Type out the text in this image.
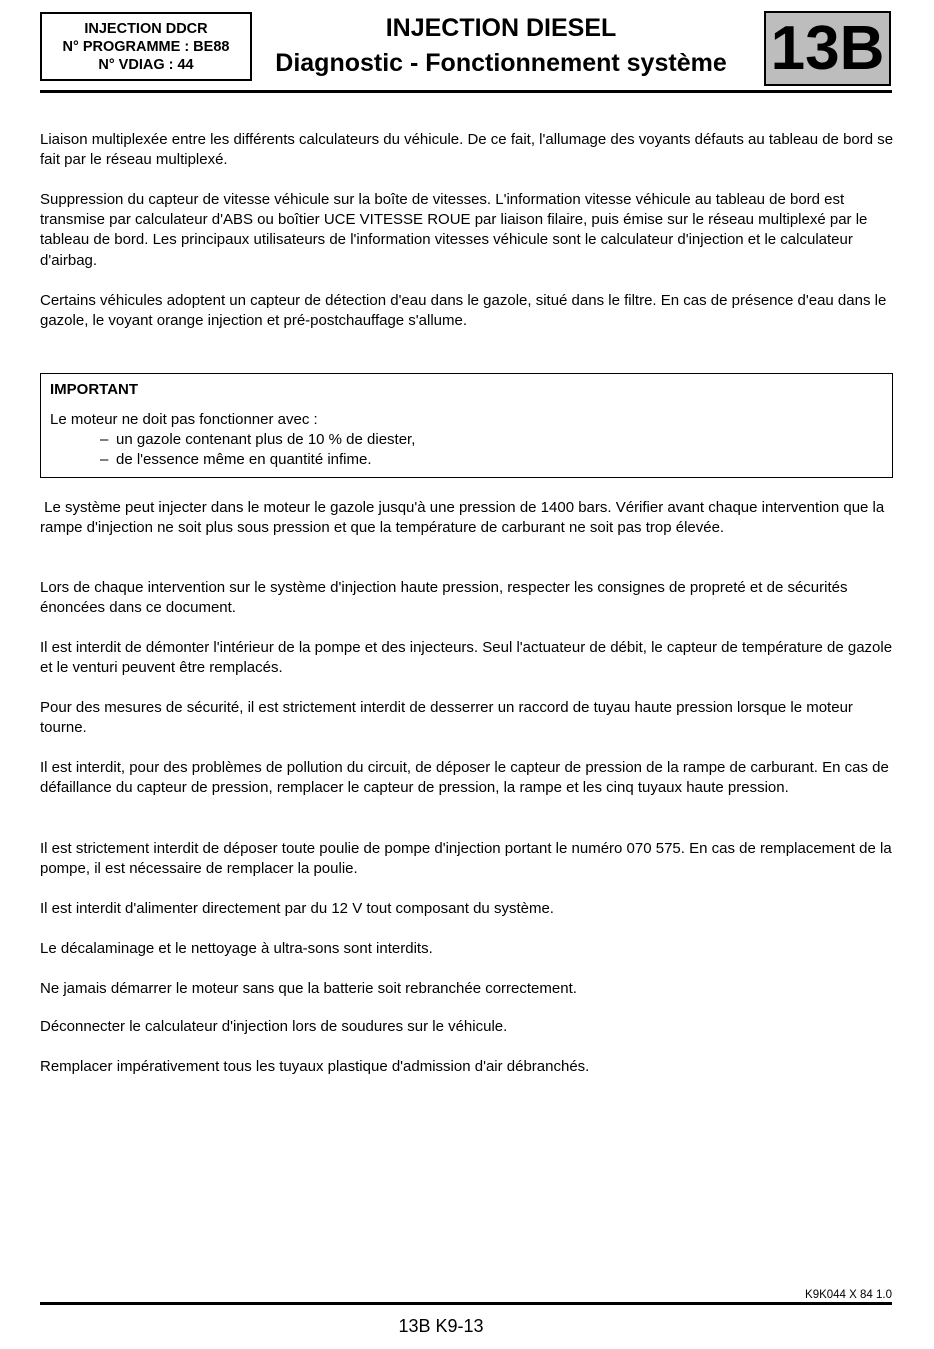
INJECTION DDCR
N° PROGRAMME : BE88
N° VDIAG : 44
INJECTION DIESEL
Diagnostic - Fonctionnement système 13B

Liaison multiplexée entre les différents calculateurs du véhicule. De ce fait, l'allumage des voyants défauts au tableau de bord se fait par le réseau multiplexé.

Suppression du capteur de vitesse véhicule sur la boîte de vitesses. L'information vitesse véhicule au tableau de bord est transmise par calculateur d'ABS ou boîtier UCE VITESSE ROUE par liaison filaire, puis émise sur le réseau multiplexé par le tableau de bord. Les principaux utilisateurs de l'information vitesses véhicule sont le calculateur d'injection et le calculateur d'airbag.

Certains véhicules adoptent un capteur de détection d'eau dans le gazole, situé dans le filtre. En cas de présence d'eau dans le gazole, le voyant orange injection et pré-postchauffage s'allume.

IMPORTANT
Le moteur ne doit pas fonctionner avec :
– un gazole contenant plus de 10 % de diester,
– de l'essence même en quantité infime.

Le système peut injecter dans le moteur le gazole jusqu'à une pression de 1400 bars. Vérifier avant chaque intervention que la rampe d'injection ne soit plus sous pression et que la température de carburant ne soit pas trop élevée.

Lors de chaque intervention sur le système d'injection haute pression, respecter les consignes de propreté et de sécurités énoncées dans ce document.

Il est interdit de démonter l'intérieur de la pompe et des injecteurs. Seul l'actuateur de débit, le capteur de température de gazole et le venturi peuvent être remplacés.

Pour des mesures de sécurité, il est strictement interdit de desserrer un raccord de tuyau haute pression lorsque le moteur tourne.

Il est interdit, pour des problèmes de pollution du circuit, de déposer le capteur de pression de la rampe de carburant. En cas de défaillance du capteur de pression, remplacer le capteur de pression, la rampe et les cinq tuyaux haute pression.

Il est strictement interdit de déposer toute poulie de pompe d'injection portant le numéro 070 575. En cas de remplacement de la pompe, il est nécessaire de remplacer la poulie.

Il est interdit d'alimenter directement par du 12 V tout composant du système.

Le décalaminage et le nettoyage à ultra-sons sont interdits.

Ne jamais démarrer le moteur sans que la batterie soit rebranchée correctement.

Déconnecter le calculateur d'injection lors de soudures sur le véhicule.

Remplacer impérativement tous les tuyaux plastique d'admission d'air débranchés.

K9K044 X 84 1.0
13B K9-13
